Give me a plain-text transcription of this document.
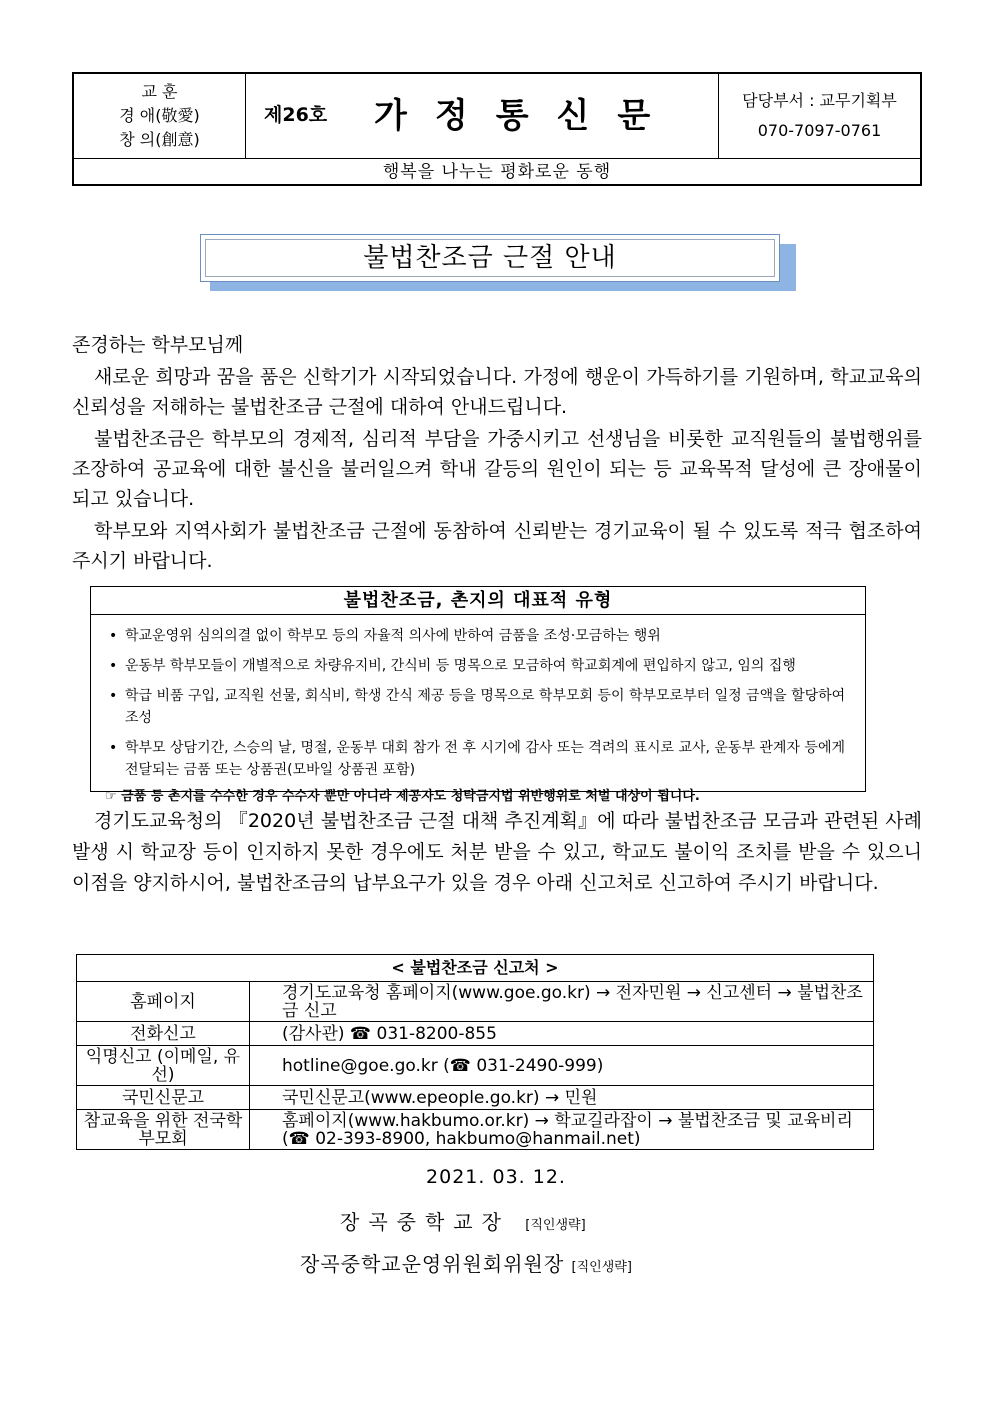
교 훈
경 애(敬愛)
창 의(創意)
제26호 가정통신문	담당부서 : 교무기획부
070-7097-0761
행복을 나누는 평화로운 동행
불법찬조금 근절 안내
존경하는 학부모님께
새로운 희망과 꿈을 품은 신학기가 시작되었습니다. 가정에 행운이 가득하기를 기원하며, 학교교육의 신뢰성을 저해하는 불법찬조금 근절에 대하여 안내드립니다.
불법찬조금은 학부모의 경제적, 심리적 부담을 가중시키고 선생님을 비롯한 교직원들의 불법행위를 조장하여 공교육에 대한 불신을 불러일으켜 학내 갈등의 원인이 되는 등 교육목적 달성에 큰 장애물이 되고 있습니다.
학부모와 지역사회가 불법찬조금 근절에 동참하여 신뢰받는 경기교육이 될 수 있도록 적극 협조하여 주시기 바랍니다.
불법찬조금, 촌지의 대표적 유형
• 학교운영위 심의의결 없이 학부모 등의 자율적 의사에 반하여 금품을 조성·모금하는 행위
• 운동부 학부모들이 개별적으로 차량유지비, 간식비 등 명목으로 모금하여 학교회계에 편입하지 않고, 임의 집행
• 학급 비품 구입, 교직원 선물, 회식비, 학생 간식 제공 등을 명목으로 학부모회 등이 학부모로부터 일정 금액을 할당하여 조성
• 학부모 상담기간, 스승의 날, 명절, 운동부 대회 참가 전 후 시기에 감사 또는 격려의 표시로 교사, 운동부 관계자 등에게 전달되는 금품 또는 상품권(모바일 상품권 포함)
☞ 금품 등 촌지를 수수한 경우 수수자 뿐만 아니라 제공자도 청탁금지법 위반행위로 처벌 대상이 됩니다.
경기도교육청의 『2020년 불법찬조금 근절 대책 추진계획』에 따라 불법찬조금 모금과 관련된 사례 발생 시 학교장 등이 인지하지 못한 경우에도 처분 받을 수 있고, 학교도 불이익 조치를 받을 수 있으니 이점을 양지하시어, 불법찬조금의 납부요구가 있을 경우 아래 신고처로 신고하여 주시기 바랍니다.
< 불법찬조금 신고처 >	
홈페이지	경기도교육청 홈페이지(www.goe.go.kr) → 전자민원 → 신고센터 → 불법찬조금 신고
전화신고	(감사관) ☎ 031-8200-855
익명신고 (이메일, 유선)	hotline@goe.go.kr (☎ 031-2490-999)
국민신문고	국민신문고(www.epeople.go.kr) → 민원
참교육을 위한 전국학부모회	홈페이지(www.hakbumo.or.kr) → 학교길라잡이 → 불법찬조금 및 교육비리(☎ 02-393-8900, hakbumo@hanmail.net)
2021. 03. 12.
장곡중학교장 [직인생략]
장곡중학교운영위원회위원장 [직인생략]
